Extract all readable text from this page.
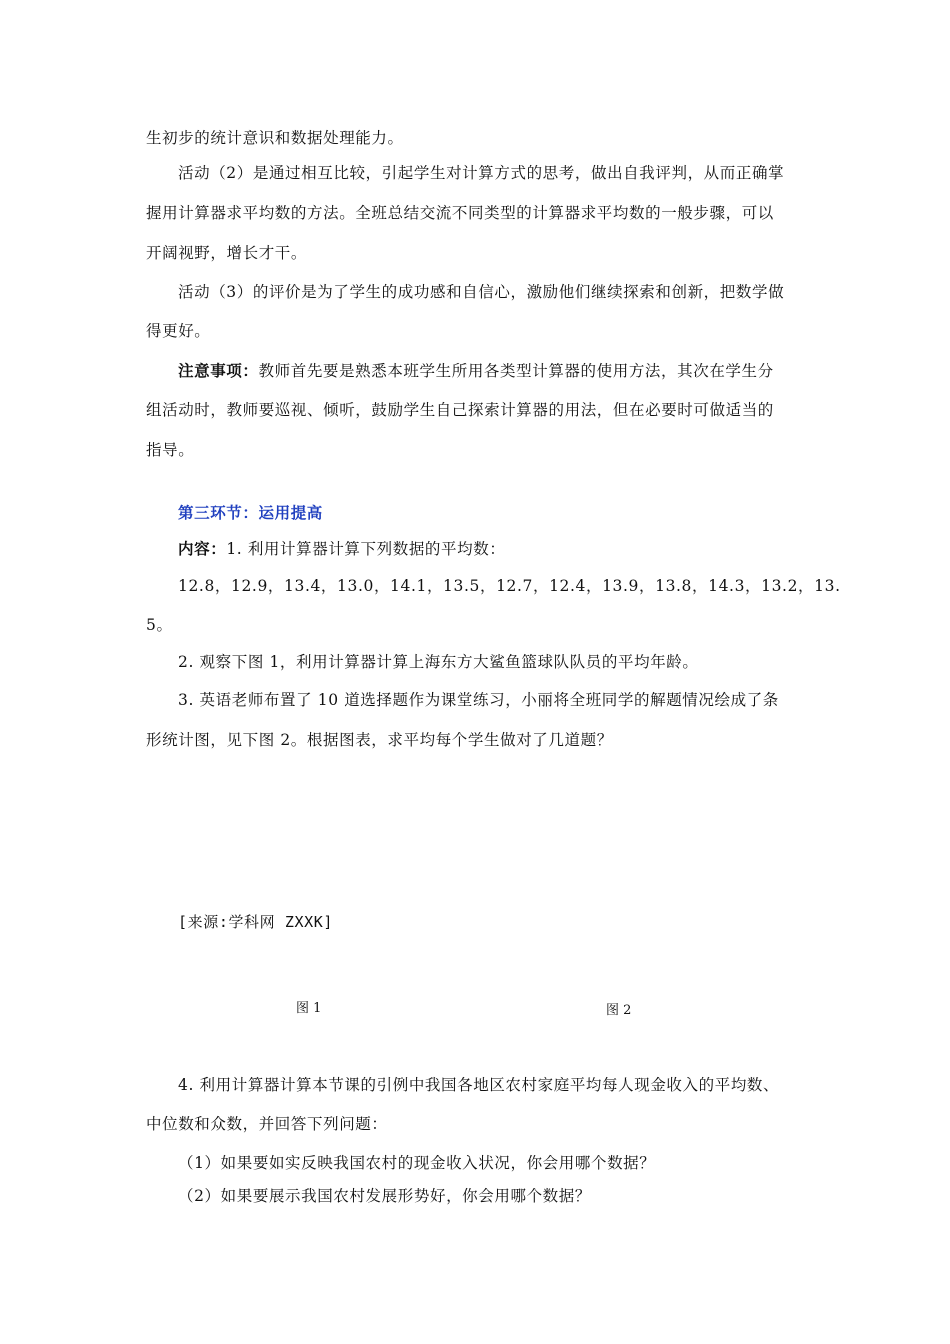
生初步的统计意识和数据处理能力。
活动（2）是通过相互比较，引起学生对计算方式的思考，做出自我评判，从而正确掌
握用计算器求平均数的方法。全班总结交流不同类型的计算器求平均数的一般步骤，可以
开阔视野，增长才干。
活动（3）的评价是为了学生的成功感和自信心，激励他们继续探索和创新，把数学做
得更好。
注意事项：教师首先要是熟悉本班学生所用各类型计算器的使用方法，其次在学生分
组活动时，教师要巡视、倾听，鼓励学生自己探索计算器的用法，但在必要时可做适当的
指导。
第三环节：运用提高
内容：1. 利用计算器计算下列数据的平均数：
12.8，12.9，13.4，13.0，14.1，13.5，12.7，12.4，13.9，13.8，14.3，13.2，13.
5。
2. 观察下图 1，利用计算器计算上海东方大鲨鱼篮球队队员的平均年龄。
3. 英语老师布置了 10 道选择题作为课堂练习，小丽将全班同学的解题情况绘成了条
形统计图，见下图 2。根据图表，求平均每个学生做对了几道题？
[来源:学科网 ZXXK]
图 1	图 2
4. 利用计算器计算本节课的引例中我国各地区农村家庭平均每人现金收入的平均数、
中位数和众数，并回答下列问题：
（1）如果要如实反映我国农村的现金收入状况，你会用哪个数据？
（2）如果要展示我国农村发展形势好，你会用哪个数据？
